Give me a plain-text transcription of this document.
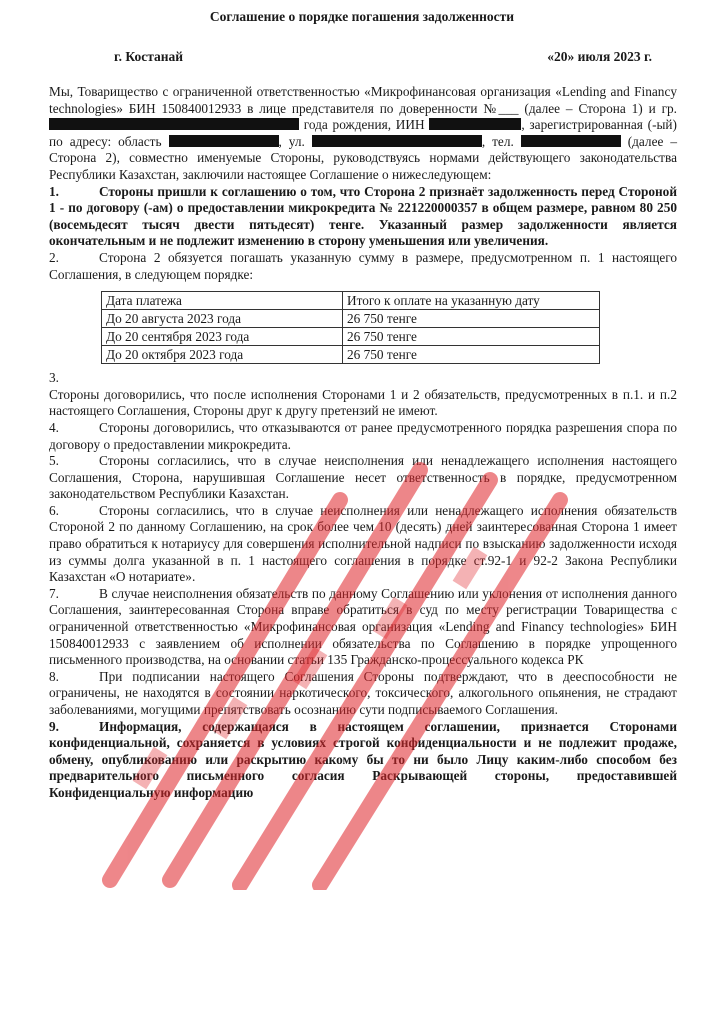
Соглашение о порядке погашения задолженности
г. Костанай	«20» июля 2023 г.

Мы, Товарищество с ограниченной ответственностью «Микрофинансовая организация «Lending and Financy technologies» БИН 150840012933 в лице представителя по доверенности №___ (далее – Сторона 1) и гр.  года рождения, ИИН	, зарегистрированная (-ый) по адресу: область	, ул.	, тел.	(далее – Сторона 2), совместно именуемые Стороны, руководствуясь нормами действующего законодательства Республики Казахстан, заключили настоящее Соглашение о нижеследующем:

1.	Стороны пришли к соглашению о том, что Сторона 2 признаёт задолженность перед Стороной 1 - по договору (-ам) о предоставлении микрокредита № 221220000357 в общем размере, равном 80 250 (восемьдесят тысяч двести пятьдесят) тенге. Указанный размер задолженности является окончательным и не подлежит изменению в сторону уменьшения или увеличения.

2.	Сторона 2 обязуется погашать указанную сумму в размере, предусмотренном п. 1 настоящего Соглашения, в следующем порядке:

Дата платежа	Итого к оплате на указанную дату
До 20 августа 2023 года	26 750 тенге
До 20 сентября 2023 года	26 750 тенге
До 20 октября 2023 года	26 750 тенге

3.

Стороны договорились, что после исполнения Сторонами 1 и 2 обязательств, предусмотренных в п.1. и п.2 настоящего Соглашения, Стороны друг к другу претензий не имеют.

4.	Стороны договорились, что отказываются от ранее предусмотренного порядка разрешения спора по договору о предоставлении микрокредита.

5.	Стороны согласились, что в случае неисполнения или ненадлежащего исполнения настоящего Соглашения, Сторона, нарушившая Соглашение несет ответственность в порядке, предусмотренном законодательством Республики Казахстан.

6.	Стороны согласились, что в случае неисполнения или ненадлежащего исполнения обязательств Стороной 2 по данному Соглашению, на срок более чем 10 (десять) дней заинтересованная Сторона 1 имеет право обратиться к нотариусу для совершения исполнительной надписи по взысканию задолженности исходя из суммы долга указанной в п. 1 настоящего соглашения в порядке ст.92-1 и 92-2 Закона Республики Казахстан «О нотариате».

7.	В случае неисполнения обязательств по данному Соглашению или уклонения от исполнения данного Соглашения, заинтересованная Сторона вправе обратиться в суд по месту регистрации Товарищества с ограниченной ответственностью «Микрофинансовая организация «Lending and Financy technologies» БИН 150840012933 с заявлением об исполнении обязательства по Соглашению в порядке упрощенного письменного производства, на основании статьи 135 Гражданско-процессуального кодекса РК

8.	При подписании настоящего Соглашения Стороны подтверждают, что в дееспособности не ограничены, не находятся в состоянии наркотического, токсического, алкогольного опьянения, не страдают заболеваниями, могущими препятствовать осознанию сути подписываемого Соглашения.

9.	Информация, содержащаяся в настоящем соглашении, признается Сторонами конфиденциальной, сохраняется в условиях строгой конфиденциальности и не подлежит продаже, обмену, опубликованию или раскрытию какому бы то ни было Лицу каким-либо способом без предварительного письменного согласия Раскрывающей стороны, предоставившей Конфиденциальную информацию
